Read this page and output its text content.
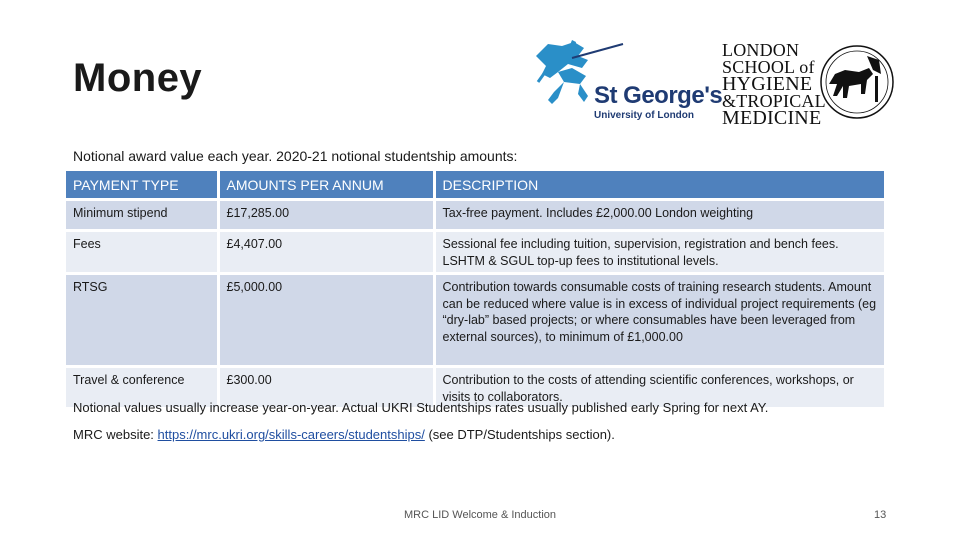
Money	St George's
University of London
LONDON
SCHOOL of
HYGIENE
&TROPICAL
MEDICINE
Notional award value each year. 2020-21 notional studentship amounts:
PAYMENT TYPE	AMOUNTS PER ANNUM	DESCRIPTION
Minimum stipend	£17,285.00	Tax-free payment. Includes £2,000.00 London weighting
Fees	£4,407.00	Sessional fee including tuition, supervision, registration and bench fees. LSHTM & SGUL top-up fees to institutional levels.
RTSG	£5,000.00	Contribution towards consumable costs of training research students. Amount can be reduced where value is in excess of individual project requirements (eg “dry-lab” based projects; or where consumables have been leveraged from external sources), to minimum of £1,000.00
Travel & conference	£300.00	Contribution to the costs of attending scientific conferences, workshops, or visits to collaborators.
Notional values usually increase year-on-year. Actual UKRI Studentships rates usually published early Spring for next AY.
MRC website: https://mrc.ukri.org/skills-careers/studentships/ (see DTP/Studentships section).
MRC LID Welcome & Induction	13
